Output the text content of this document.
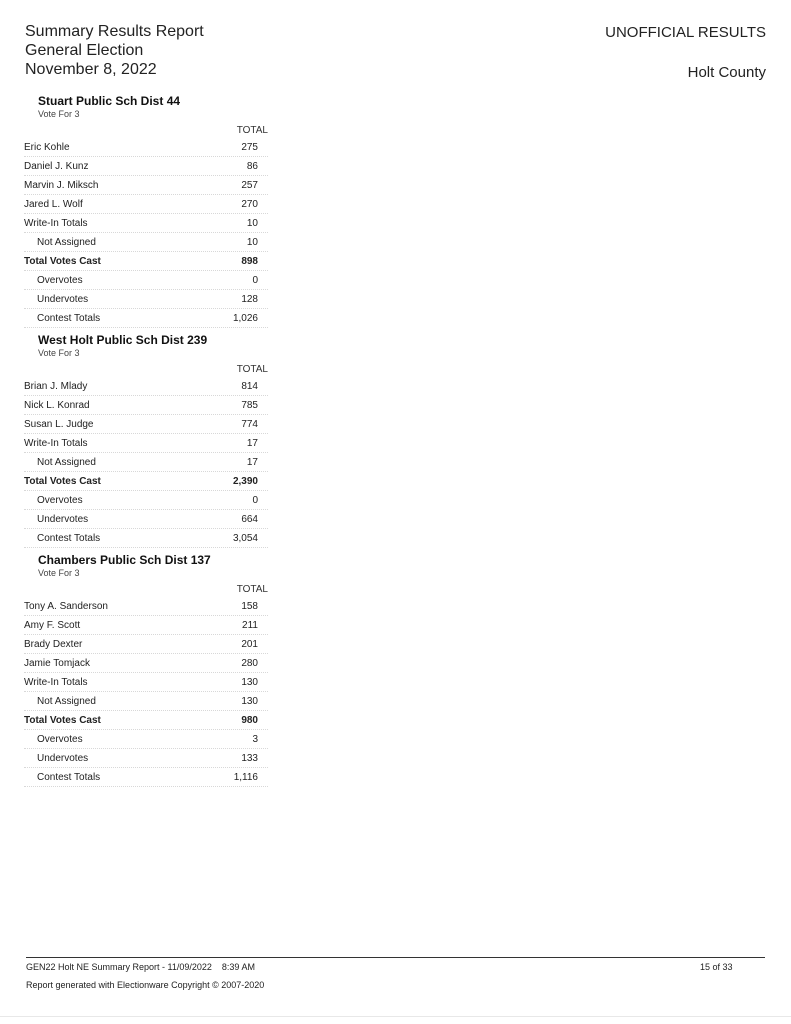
Summary Results Report
General Election
November 8, 2022
UNOFFICIAL RESULTS
Holt County
Stuart Public Sch Dist 44
Vote For 3
TOTAL
Eric Kohle	275
Daniel J. Kunz	86
Marvin J. Miksch	257
Jared L. Wolf	270
Write-In Totals	10
Not Assigned	10
Total Votes Cast	898
Overvotes	0
Undervotes	128
Contest Totals	1,026
West Holt Public Sch Dist 239
Vote For 3
TOTAL
Brian J. Mlady	814
Nick L. Konrad	785
Susan L. Judge	774
Write-In Totals	17
Not Assigned	17
Total Votes Cast	2,390
Overvotes	0
Undervotes	664
Contest Totals	3,054
Chambers Public Sch Dist 137
Vote For 3
TOTAL
Tony A. Sanderson	158
Amy F. Scott	211
Brady Dexter	201
Jamie Tomjack	280
Write-In Totals	130
Not Assigned	130
Total Votes Cast	980
Overvotes	3
Undervotes	133
Contest Totals	1,116
GEN22 Holt NE Summary Report - 11/09/2022    8:39 AM
Report generated with Electionware Copyright © 2007-2020
15 of 33
